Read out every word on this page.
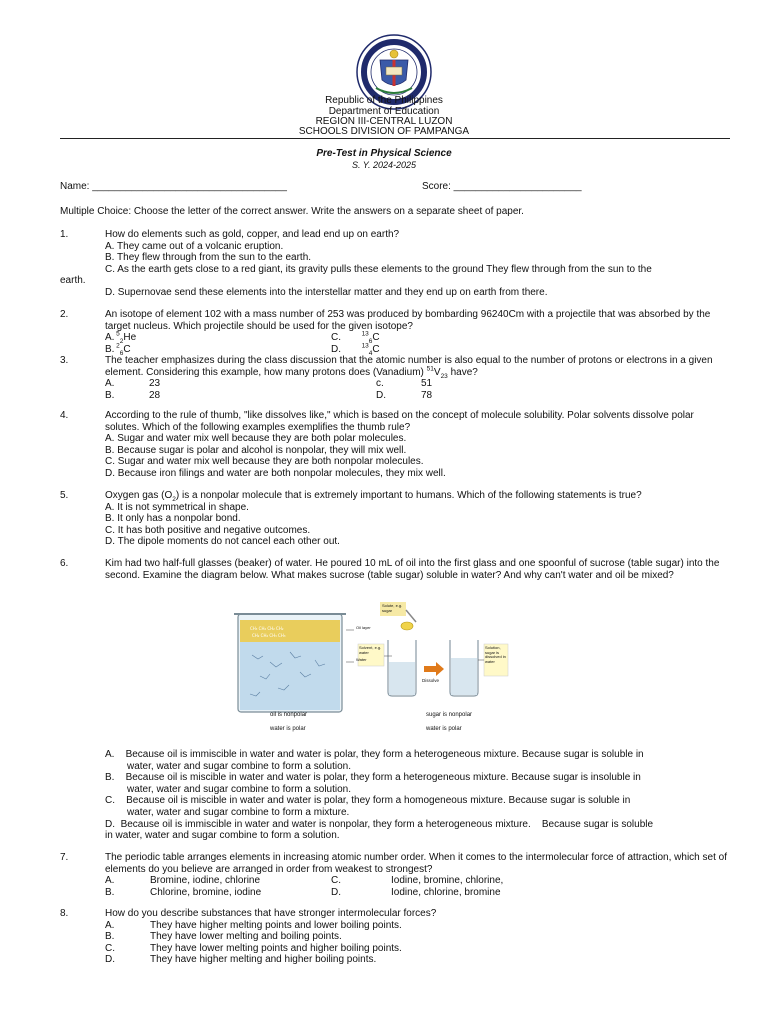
Republic of the Philippines
Department of Education
REGION III-CENTRAL LUZON
SCHOOLS DIVISION OF PAMPANGA
Pre-Test in Physical Science
S. Y. 2024-2025
Name: ___________________________________	Score: _______________________
Multiple Choice: Choose the letter of the correct answer. Write the answers on a separate sheet of paper.
1.	How do elements such as gold, copper, and lead end up on earth?
A. They came out of a volcanic eruption.
B. They flew through from the sun to the earth.
C. As the earth gets close to a red giant, its gravity pulls these elements to the ground They flew through from the sun to the
earth.
D. Supernovae send these elements into the interstellar matter and they end up on earth from there.
2.	An isotope of element 102 with a mass number of 253 was produced by bombarding 96240Cm with a projectile that was absorbed by the target nucleus. Which projectile should be used for the given isotope?
A. $^5_2$ He	C.	$^{13}_6$ C
B. $^2_6$ C	D.	$^{13}_4$ C
3.	The teacher emphasizes during the class discussion that the atomic number is also equal to the number of protons or electrons in a given element. Considering this example, how many protons does (Vanadium) $^{51}V_{23}$ have?
A.	23	c.	51
B.	28	D.	78
4.	According to the rule of thumb, "like dissolves like," which is based on the concept of molecule solubility. Polar solvents dissolve polar solutes. Which of the following examples exemplifies the thumb rule?
A. Sugar and water mix well because they are both polar molecules.
B. Because sugar is polar and alcohol is nonpolar, they will mix well.
C. Sugar and water mix well because they are both nonpolar molecules.
D. Because iron filings and water are both nonpolar molecules, they mix well.
5.	Oxygen gas $(O_2)$ is a nonpolar molecule that is extremely important to humans. Which of the following statements is true?
A. It is not symmetrical in shape.
B. It only has a nonpolar bond.
C. It has both positive and negative outcomes.
D. The dipole moments do not cancel each other out.
6.	Kim had two half-full glasses (beaker) of water. He poured 10 mL of oil into the first glass and one spoonful of sucrose (table sugar) into the second. Examine the diagram below. What makes sucrose (table sugar) soluble in water? And why can't water and oil be mixed?
CH₃ CH₂ CH₂ CH₂
CH₂ CH₂ CH₃ CH₃
Solute, e.g. sugar
Solvent, e.g. water
Dissolve
Solution, sugar is dissolved in water
Oil layer
Water
oil is nonpolar
water is polar
sugar is nonpolar
water is polar
A. Because oil is immiscible in water and water is polar, they form a heterogeneous mixture. Because sugar is soluble in
water, water and sugar combine to form a solution.
B. Because oil is miscible in water and water is polar, they form a heterogeneous mixture. Because sugar is insoluble in
water, water and sugar combine to form a solution.
C. Because oil is miscible in water and water is polar, they form a homogeneous mixture. Because sugar is soluble in
water, water and sugar combine to form a mixture.
D. Because oil is immiscible in water and water is nonpolar, they form a heterogeneous mixture.    Because sugar is soluble
in water, water and sugar combine to form a solution.
7.	The periodic table arranges elements in increasing atomic number order. When it comes to the intermolecular force of attraction, which set of elements do you believe are arranged in order from weakest to strongest?
A.	Bromine, iodine, chlorine	C.	Iodine, bromine, chlorine,
B.	Chlorine, bromine, iodine	D.	Iodine, chlorine, bromine
8.	How do you describe substances that have stronger intermolecular forces?
A.	They have higher melting points and lower boiling points.
B.	They have lower melting and boiling points.
C.	They have lower melting points and higher boiling points.
D.	They have higher melting and higher boiling points.
